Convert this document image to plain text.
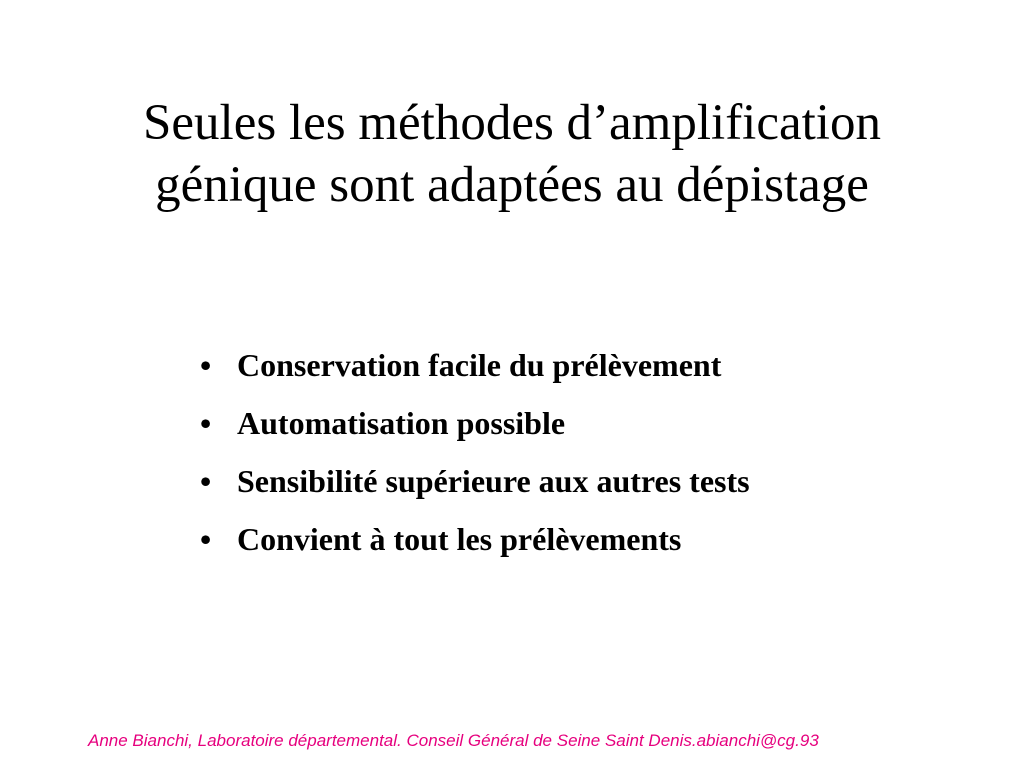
Seules les méthodes d’amplification
génique sont adaptées au dépistage
• Conservation facile du prélèvement
• Automatisation possible
• Sensibilité supérieure aux autres tests
• Convient à tout les prélèvements
Anne Bianchi, Laboratoire départemental. Conseil Général de Seine Saint Denis.abianchi@cg.93
